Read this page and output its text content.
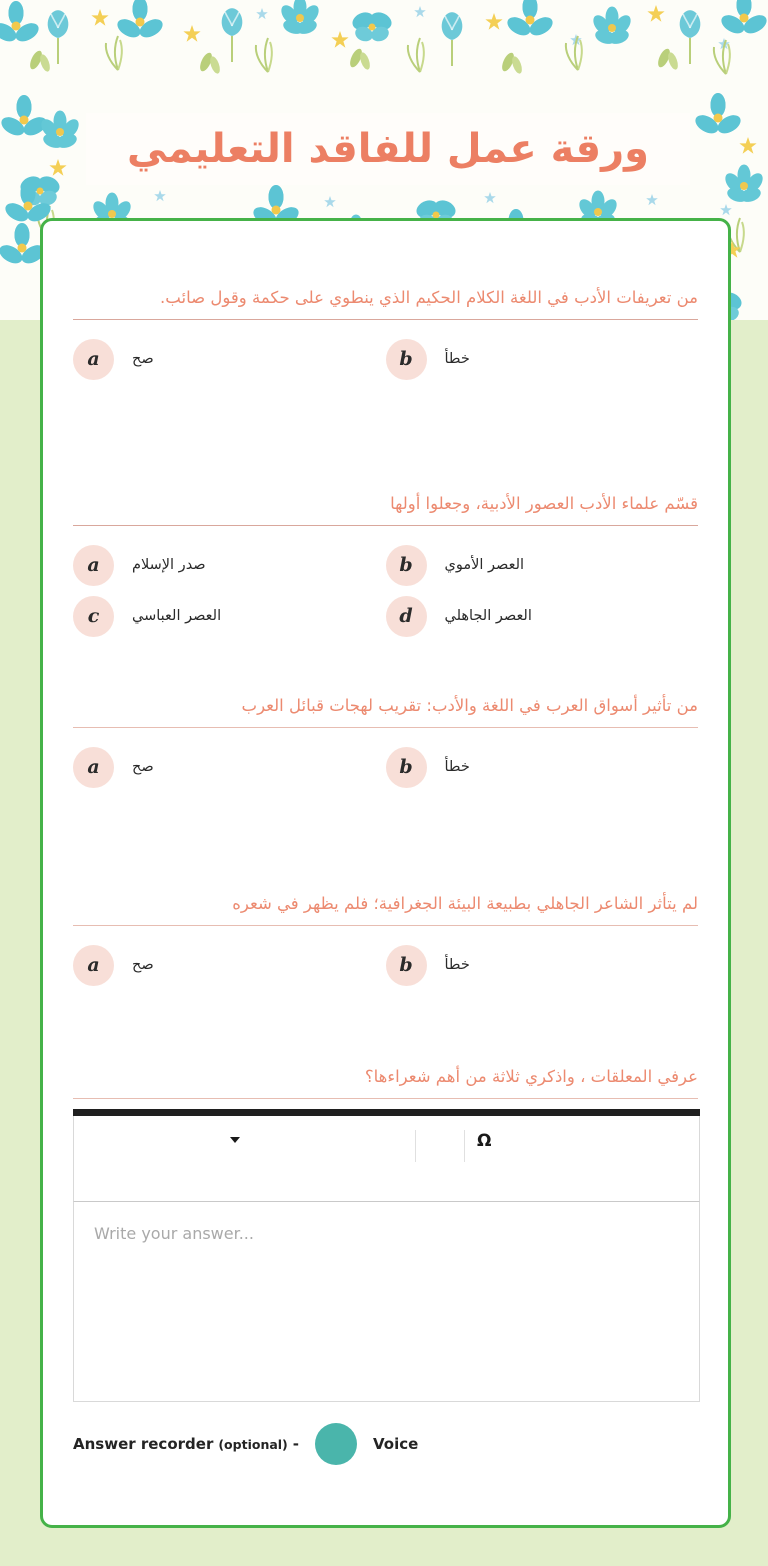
ورقة عمل للفاقد التعليمي
من تعريفات الأدب في اللغة الكلام الحكيم الذي ينطوي على حكمة وقول صائب.
a	صح	b	خطأ
قسّم علماء الأدب العصور الأدبية، وجعلوا أولها
a	صدر الإسلام	b	العصر الأموي
c	العصر العباسي	d	العصر الجاهلي
من تأثير أسواق العرب في اللغة والأدب: تقريب لهجات قبائل العرب
a	صح	b	خطأ
لم يتأثر الشاعر الجاهلي بطبيعة البيئة الجغرافية؛ فلم يظهر في شعره
a	صح	b	خطأ
عرفي المعلقات ، واذكري ثلاثة من أهم شعراءها؟
Ω
Write your answer...
Answer recorder (optional) -	Voice
